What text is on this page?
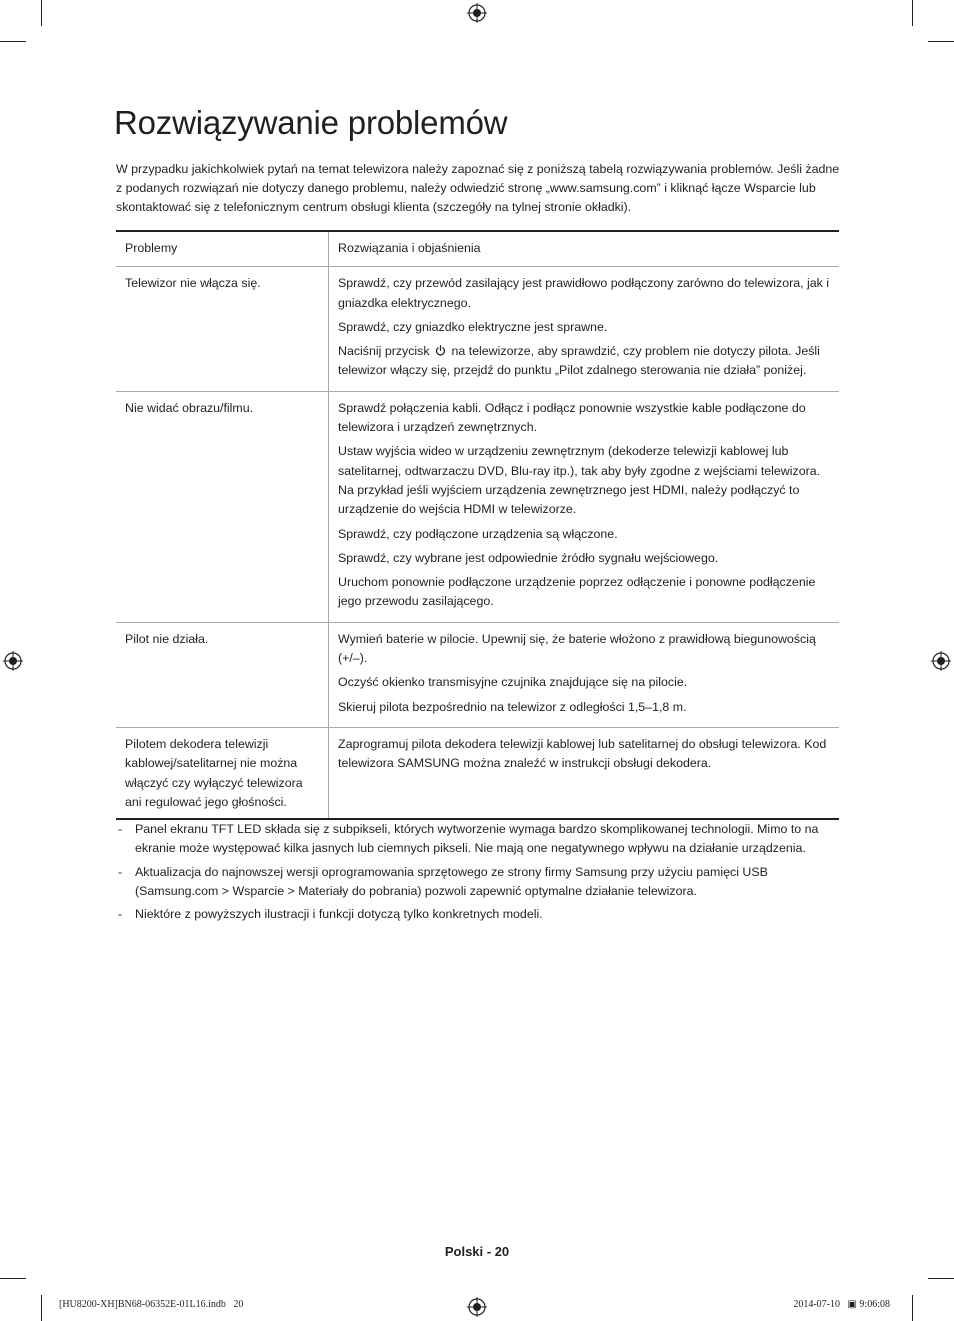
Rozwiązywanie problemów

W przypadku jakichkolwiek pytań na temat telewizora należy zapoznać się z poniższą tabelą rozwiązywania problemów. Jeśli żadne z podanych rozwiązań nie dotyczy danego problemu, należy odwiedzić stronę „www.samsung.com” i kliknąć łącze Wsparcie lub skontaktować się z telefonicznym centrum obsługi klienta (szczegóły na tylnej stronie okładki).

Problemy	Rozwiązania i objaśnienia
Telewizor nie włącza się.	Sprawdź, czy przewód zasilający jest prawidłowo podłączony zarówno do telewizora, jak i gniazdka elektrycznego.

Sprawdź, czy gniazdko elektryczne jest sprawne.

Naciśnij przycisk na telewizorze, aby sprawdzić, czy problem nie dotyczy pilota. Jeśli telewizor włączy się, przejdź do punktu „Pilot zdalnego sterowania nie działa” poniżej.

Nie widać obrazu/filmu.	Sprawdź połączenia kabli. Odłącz i podłącz ponownie wszystkie kable podłączone do telewizora i urządzeń zewnętrznych.

Ustaw wyjścia wideo w urządzeniu zewnętrznym (dekoderze telewizji kablowej lub satelitarnej, odtwarzaczu DVD, Blu-ray itp.), tak aby były zgodne z wejściami telewizora. Na przykład jeśli wyjściem urządzenia zewnętrznego jest HDMI, należy podłączyć to urządzenie do wejścia HDMI w telewizorze.

Sprawdź, czy podłączone urządzenia są włączone.

Sprawdź, czy wybrane jest odpowiednie źródło sygnału wejściowego.

Uruchom ponownie podłączone urządzenie poprzez odłączenie i ponowne podłączenie jego przewodu zasilającego.

Pilot nie działa.	Wymień baterie w pilocie. Upewnij się, że baterie włożono z prawidłową biegunowością (+/–).

Oczyść okienko transmisyjne czujnika znajdujące się na pilocie.

Skieruj pilota bezpośrednio na telewizor z odległości 1,5–1,8 m.

Pilotem dekodera telewizji kablowej/satelitarnej nie można włączyć czy wyłączyć telewizora ani regulować jego głośności.	Zaprogramuj pilota dekodera telewizji kablowej lub satelitarnej do obsługi telewizora. Kod telewizora SAMSUNG można znaleźć w instrukcji obsługi dekodera.

- Panel ekranu TFT LED składa się z subpikseli, których wytworzenie wymaga bardzo skomplikowanej technologii. Mimo to na ekranie może występować kilka jasnych lub ciemnych pikseli. Nie mają one negatywnego wpływu na działanie urządzenia.
- Aktualizacja do najnowszej wersji oprogramowania sprzętowego ze strony firmy Samsung przy użyciu pamięci USB (Samsung.com > Wsparcie > Materiały do pobrania) pozwoli zapewnić optymalne działanie telewizora.
- Niektóre z powyższych ilustracji i funkcji dotyczą tylko konkretnych modeli.
Polski - 20
[HU8200-XH]BN68-06352E-01L16.indb   20	2014-07-10   ▣ 9:06:08
